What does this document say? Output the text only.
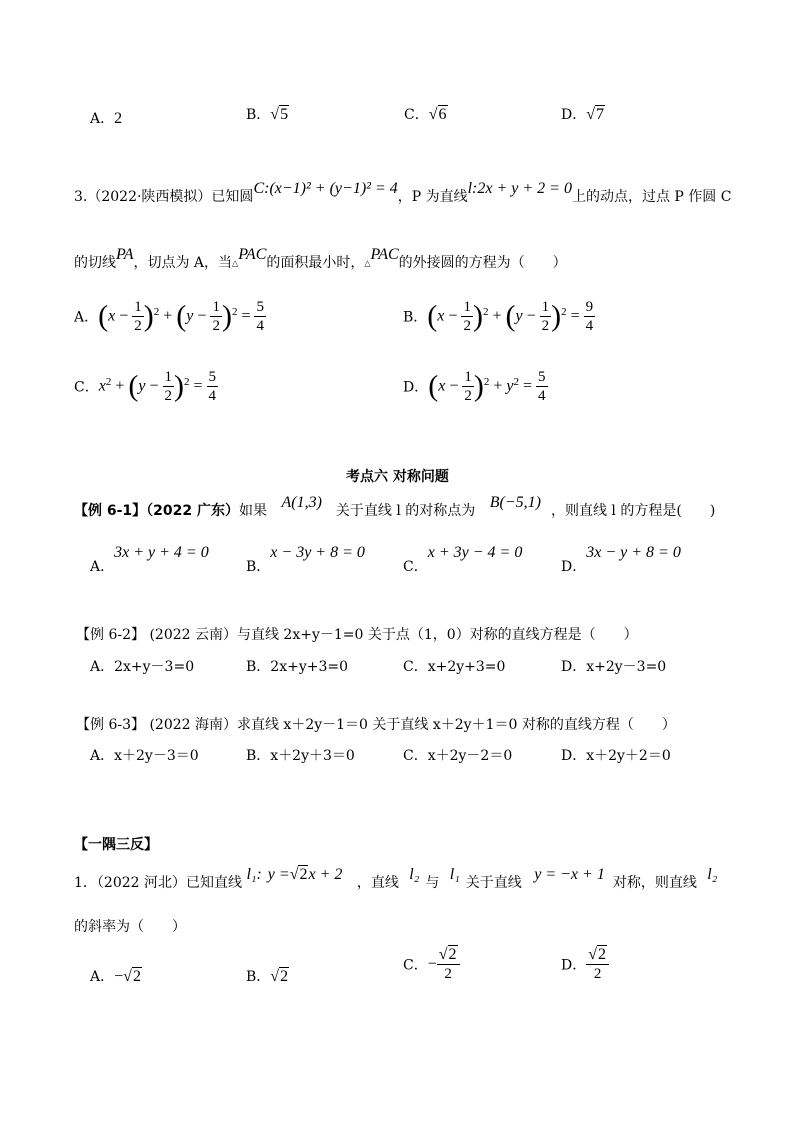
A．2	B．√5	C．√6	D．√7
3.（2022·陕西模拟）已知圆C:(x−1)² + (y−1)² = 4，P 为直线l:2x + y + 2 = 0上的动点，过点 P 作圆 C
的切线PA，切点为 A，当△PAC的面积最小时，△PAC的外接圆的方程为（　　）
A．$(x - \frac{1}{2} )^2 + (y - \frac{1}{2} )^2 = \frac{5}{4}$	B．$(x - \frac{1}{2} )^2 + (y - \frac{1}{2} )^2 = \frac{9}{4}$
C．$x^2 + (y - \frac{1}{2} )^2 = \frac{5}{4}$	D．$(x - \frac{1}{2} )^2 + y^2 = \frac{5}{4}$
考点六 对称问题
【例 6-1】（2022 广东）如果 A(1,3) 关于直线 l 的对称点为 B(−5,1) ，则直线 l 的方程是(　　)
A．3x + y + 4 = 0
B．x − 3y + 8 = 0
C．x + 3y − 4 = 0
D．3x − y + 8 = 0
【例 6-2】 (2022 云南）与直线 2x+y－1=0 关于点（1，0）对称的直线方程是（　　）
A．2x+y－3=0	B．2x+y+3=0	C．x+2y+3=0	D．x+2y－3=0
【例 6-3】 (2022 海南）求直线 x＋2y－1＝0 关于直线 x＋2y＋1＝0 对称的直线方程（　　）
A．x＋2y－3＝0	B．x＋2y＋3＝0	C．x＋2y－2＝0	D．x＋2y＋2＝0
【一隅三反】
1．（2022 河北）已知直线 l₁: y =√2x + 2 ，直线 l₂ 与 l₁ 关于直线 y = −x + 1 对称，则直线 l₂
的斜率为（　　）
A．−√2	B．√2
C．− $\frac{√2}{2}$	D． $\frac{√2}{2}$
